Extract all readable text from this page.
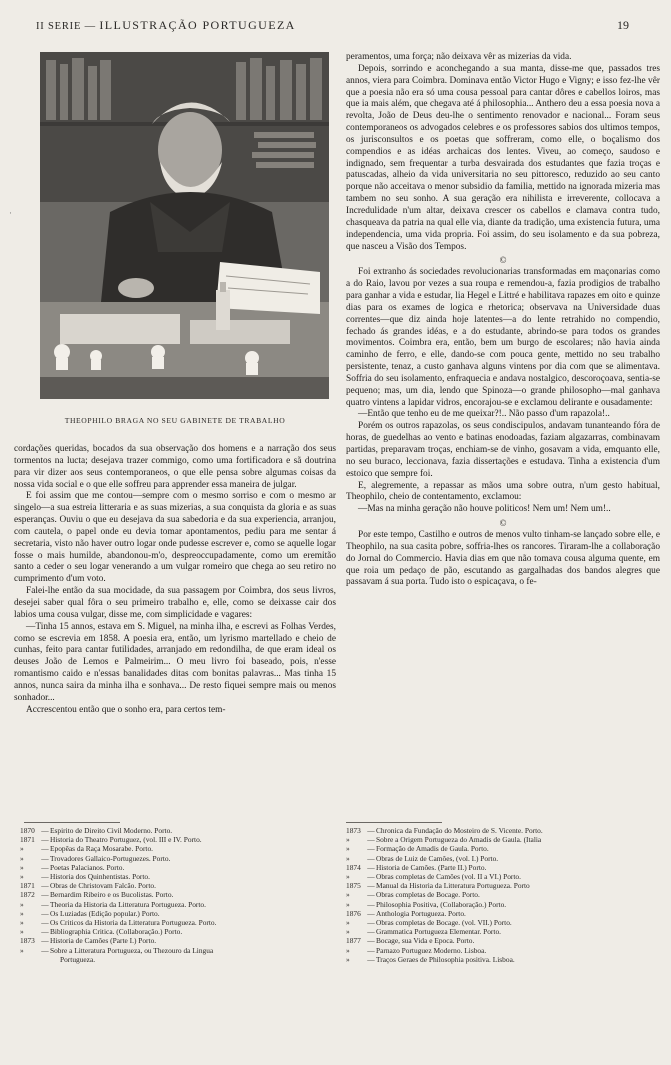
II SERIE — ILLUSTRAÇÃO PORTUGUEZA	19
·
THEOPHILO BRAGA NO SEU GABINETE DE TRABALHO

cordações queridas, bocados da sua observação dos homens e a narração dos seus tormentos na lucta; desejava trazer commigo, como uma fortificadora e sã doutrina para vir dizer aos seus contemporaneos, o que elle pensa sobre algumas coisas da nossa vida social e o que elle soffreu para apprender essa maneira de julgar.

E foi assim que me contou—sempre com o mesmo sorriso e com o mesmo ar singelo—a sua estreia litteraria e as suas mizerias, a sua conquista da gloria e as suas esperanças. Ouviu o que eu desejava da sua sabedoria e da sua experiencia, arranjou, com cautela, o papel onde eu devia tomar apontamentos, pediu para me sentar á secretaria, visto não haver outro logar onde pudesse escrever e, como se aquelle logar fosse o mais humilde, abandonou-m'o, despreoccupadamente, como um eremitão santo a ceder o seu logar venerando a um vulgar romeiro que chega ao seu retiro no cumprimento d'um voto.

Falei-lhe então da sua mocidade, da sua passagem por Coimbra, dos seus livros, desejei saber qual fôra o seu primeiro trabalho e, elle, como se deixasse cair dos labios uma cousa vulgar, disse me, com simplicidade e vagares:

—Tinha 15 annos, estava em S. Miguel, na minha ilha, e escrevi as Folhas Verdes, como se escrevia em 1858. A poesia era, então, um lyrismo martellado e cheio de cunhas, feito para cantar futilidades, arranjado em redondilha, de que eram ideal os deuses João de Lemos e Palmeirim... O meu livro foi baseado, pois, n'esse romantismo caido e n'essas banalidades ditas com bonitas palavras... Mas tinha 15 annos, nunca saira da minha ilha e sonhava... De resto fiquei sempre mais ou menos sonhador...

Accrescentou então que o sonho era, para certos tem-

peramentos, uma força; não deixava vêr as mizerias da vida.

Depois, sorrindo e aconchegando a sua manta, disse-me que, passados tres annos, viera para Coimbra. Dominava então Victor Hugo e Vigny; e isso fez-lhe vêr que a poesia não era só uma cousa pessoal para cantar dôres e cabellos loiros, mas que ia mais além, que chegava até á philosophia... Anthero deu a essa poesia nova a revolta, João de Deus deu-lhe o sentimento renovador e nacional... Foram seus contemporaneos os advogados celebres e os professores sabios dos ultimos tempos, os jurisconsultos e os poetas que soffreram, como elle, o boçalismo dos compendios e as idéas archaicas dos lentes. Viveu, ao começo, saudoso e indignado, sem frequentar a turba desvairada dos estudantes que fazia troças e patuscadas, alheio da vida universitaria no seu pittoresco, reduzido ao seu canto porque não acceitava o menor subsidio da familia, mettido na ignorada mizeria mas tambem no seu sonho. A sua geração era nihilista e irreverente, collocava a Incredulidade n'um altar, deixava crescer os cabellos e clamava contra tudo, chasqueava da patria na qual elle via, diante da tradição, uma existencia futura, uma independencia, uma vida propria. Foi assim, do seu isolamento e da sua pobreza, que nasceu a Visão dos Tempos.

©

Foi extranho ás sociedades revolucionarias transformadas em maçonarias como a do Raio, lavou por vezes a sua roupa e remendou-a, fazia prodigios de trabalho para ganhar a vida e estudar, lia Hegel e Littré e habilitava rapazes em oito e quinze dias para os exames de logica e rhetorica; observava na Universidade duas correntes—que diz ainda hoje latentes—a do lente retrahido no compendio, fechado ás grandes idéas, e a do estudante, abrindo-se para todos os grandes movimentos. Coimbra era, então, bem um burgo de escolares; não havia ainda caminho de ferro, e elle, dando-se com pouca gente, mettido no seu trabalho persistente, tenaz, a custo ganhava alguns vintens por dia com que se alimentava. Soffria do seu isolamento, enfraquecia e andava nostalgico, descoroçoava, sentia-se pequeno; mas, um dia, lendo que Spinoza—o grande philosopho—mal ganhava quatro vintens a lapidar vidros, encorajou-se e exclamou delirante e ousadamente:

—Então que tenho eu de me queixar?!.. Não passo d'um rapazola!..

Porém os outros rapazolas, os seus condiscipulos, andavam tunanteando fóra de horas, de guedelhas ao vento e batinas enodoadas, faziam algazarras, combinavam partidas, preparavam troças, enchiam-se de vinho, gosavam a vida, emquanto elle, no seu buraco, leccionava, fazia dissertações e estudava. Tinha a existencia d'um estoico que sempre foi.

E, alegremente, a repassar as mãos uma sobre outra, n'um gesto habitual, Theophilo, cheio de contentamento, exclamou:

—Mas na minha geração não houve politicos! Nem um! Nem um!..

©

Por este tempo, Castilho e outros de menos vulto tinham-se lançado sobre elle, e Theophilo, na sua casita pobre, soffria-lhes os rancores. Tiraram-lhe a collaboração do Jornal do Commercio. Havia dias em que não tomava cousa alguma quente, em que roia um pedaço de pão, escutando as gargalhadas dos bandos alegres que passavam á sua porta. Tudo isto o espicaçava, o fe-

1870 — Espirito de Direito Civil Moderno. Porto.
1871 — Historia do Theatro Portuguez, (vol. III e IV. Porto.
»	— Epopêas da Raça Mosarabe. Porto.
»	— Trovadores Gallaico-Portuguezes. Porto.
»	— Poetas Palacianos. Porto.
»	— Historia dos Quinhentistas. Porto.
1871 — Obras de Christovam Falcão. Porto.
1872 — Bernardim Ribeiro e os Bucolistas. Porto.
»	— Theoria da Historia da Litteratura Portugueza. Porto.
»	— Os Luziadas (Edição popular.) Porto.
»	— Os Criticos da Historia da Litteratura Portugueza. Porto.
»	— Bibliographia Critica. (Collaboração.) Porto.
1873 — Historia de Camões (Parte I.) Porto.
»	— Sobre a Litteratura Portugueza, ou Thezouro da Lingua
Portugueza.
1873 — Chronica da Fundação do Mosteiro de S. Vicente. Porto.
»	— Sobre a Origem Portugueza do Amadis de Gaula. (Italia
»	— Formação de Amadis de Gaula. Porto.
»	— Obras de Luiz de Camões, (vol. I.) Porto.
1874 — Historia de Camões. (Parte II.) Porto.
»	— Obras completas de Camões (vol. II a VI.) Porto.
1875 — Manual da Historia da Litteratura Portugueza. Porto
»	— Obras completas de Bocage. Porto.
»	— Philosophia Positiva, (Collaboração.) Porto.
1876 — Anthologia Portugueza. Porto.
»	— Obras completas de Bocage. (vol. VII.) Porto.
»	— Grammatica Portugueza Elementar. Porto.
1877 — Bocage, sua Vida e Epoca. Porto.
»	— Parnazo Portuguez Moderno. Lisboa.
»	— Traços Geraes de Philosophia positiva. Lisboa.
